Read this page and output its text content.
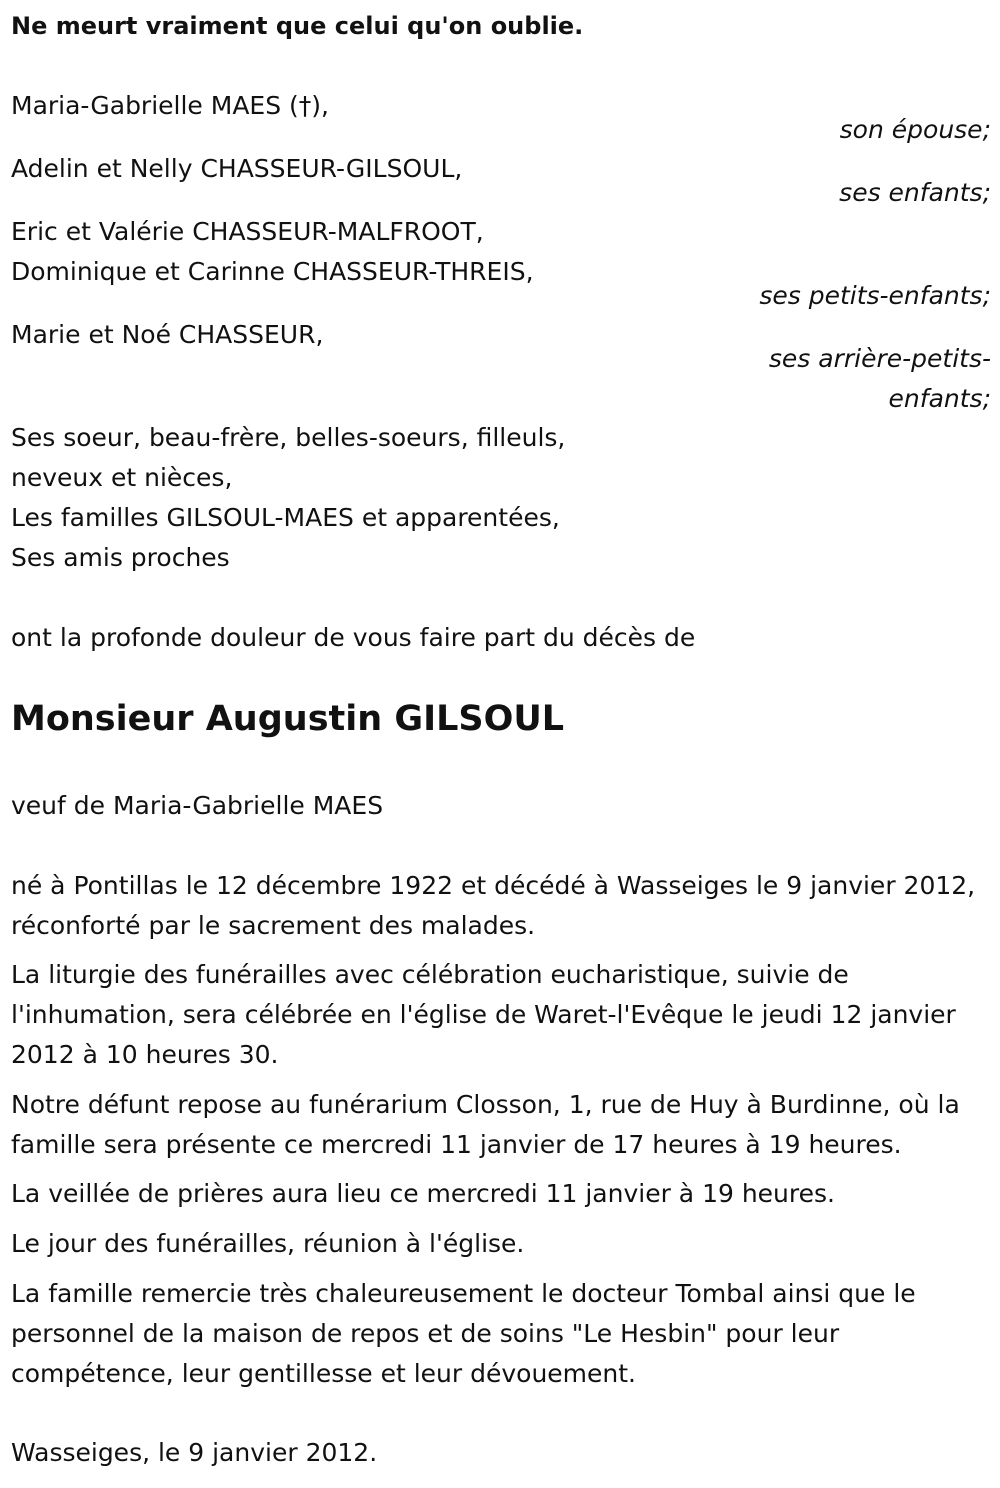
Ne meurt vraiment que celui qu'on oublie.
Maria-Gabrielle MAES (†),
son épouse;
Adelin et Nelly CHASSEUR-GILSOUL,
ses enfants;
Eric et Valérie CHASSEUR-MALFROOT,
Dominique et Carinne CHASSEUR-THREIS,
ses petits-enfants;
Marie et Noé CHASSEUR,
ses arrière-petits-
enfants;
Ses soeur, beau-frère, belles-soeurs, filleuls,
neveux et nièces,
Les familles GILSOUL-MAES et apparentées,
Ses amis proches
ont la profonde douleur de vous faire part du décès de
Monsieur Augustin GILSOUL
veuf de Maria-Gabrielle MAES
né à Pontillas le 12 décembre 1922 et décédé à Wasseiges le 9 janvier 2012, réconforté par le sacrement des malades.
La liturgie des funérailles avec célébration eucharistique, suivie de l'inhumation, sera célébrée en l'église de Waret-l'Evêque le jeudi 12 janvier 2012 à 10 heures 30.
Notre défunt repose au funérarium Closson, 1, rue de Huy à Burdinne, où la famille sera présente ce mercredi 11 janvier de 17 heures à 19 heures.
La veillée de prières aura lieu ce mercredi 11 janvier à 19 heures.
Le jour des funérailles, réunion à l'église.
La famille remercie très chaleureusement le docteur Tombal ainsi que le personnel de la maison de repos et de soins "Le Hesbin" pour leur compétence, leur gentillesse et leur dévouement.
Wasseiges, le 9 janvier 2012.
